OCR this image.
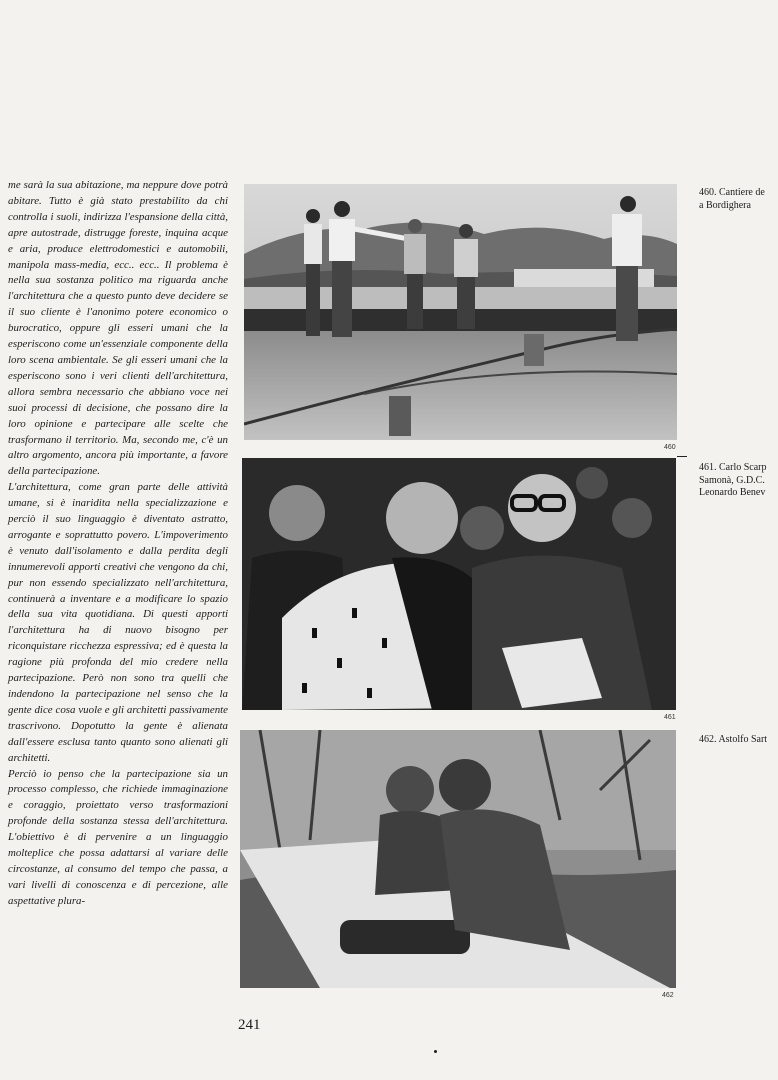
me sarà la sua abitazione, ma neppure dove potrà abitare. Tutto è già stato prestabilito da chi controlla i suoli, indirizza l'espansione della città, apre autostrade, distrugge foreste, inquina acque e aria, produce elettrodomestici e automobili, manipola mass-media, ecc.. ecc.. Il problema è nella sua sostanza politico ma riguarda anche l'architettura che a questo punto deve decidere se il suo cliente è l'anonimo potere economico o burocratico, oppure gli esseri umani che la esperiscono come un'essenziale componente della loro scena ambientale. Se gli esseri umani che la esperiscono sono i veri clienti dell'architettura, allora sembra necessario che abbiano voce nei suoi processi di decisione, che possano dire la loro opinione e partecipare alle scelte che trasformano il territorio. Ma, secondo me, c'è un altro argomento, ancora più importante, a favore della partecipazione.

L'architettura, come gran parte delle attività umane, si è inaridita nella specializzazione e perciò il suo linguaggio è diventato astratto, arrogante e soprattutto povero. L'impoverimento è venuto dall'isolamento e dalla perdita degli innumerevoli apporti creativi che vengono da chi, pur non essendo specializzato nell'architettura, continuerà a inventare e a modificare lo spazio della sua vita quotidiana. Di questi apporti l'architettura ha di nuovo bisogno per riconquistare ricchezza espressiva; ed è questa la ragione più profonda del mio credere nella partecipazione. Però non sono tra quelli che indendono la partecipazione nel senso che la gente dice cosa vuole e gli architetti passivamente trascrivono. Dopotutto la gente è alienata dall'essere esclusa tanto quanto sono alienati gli architetti.

Perciò io penso che la partecipazione sia un processo complesso, che richiede immaginazione e coraggio, proiettato verso trasformazioni profonde della sostanza stessa dell'architettura. L'obiettivo è di pervenire a un linguaggio molteplice che possa adattarsi al variare delle circostanze, al consumo del tempo che passa, a vari livelli di conoscenza e di percezione, alle aspettative plura-

460
461
462
460. Cantiere de
a Bordighera
461. Carlo Scarp
Samonà, G.D.C.
Leonardo Benev
462. Astolfo Sart
241
